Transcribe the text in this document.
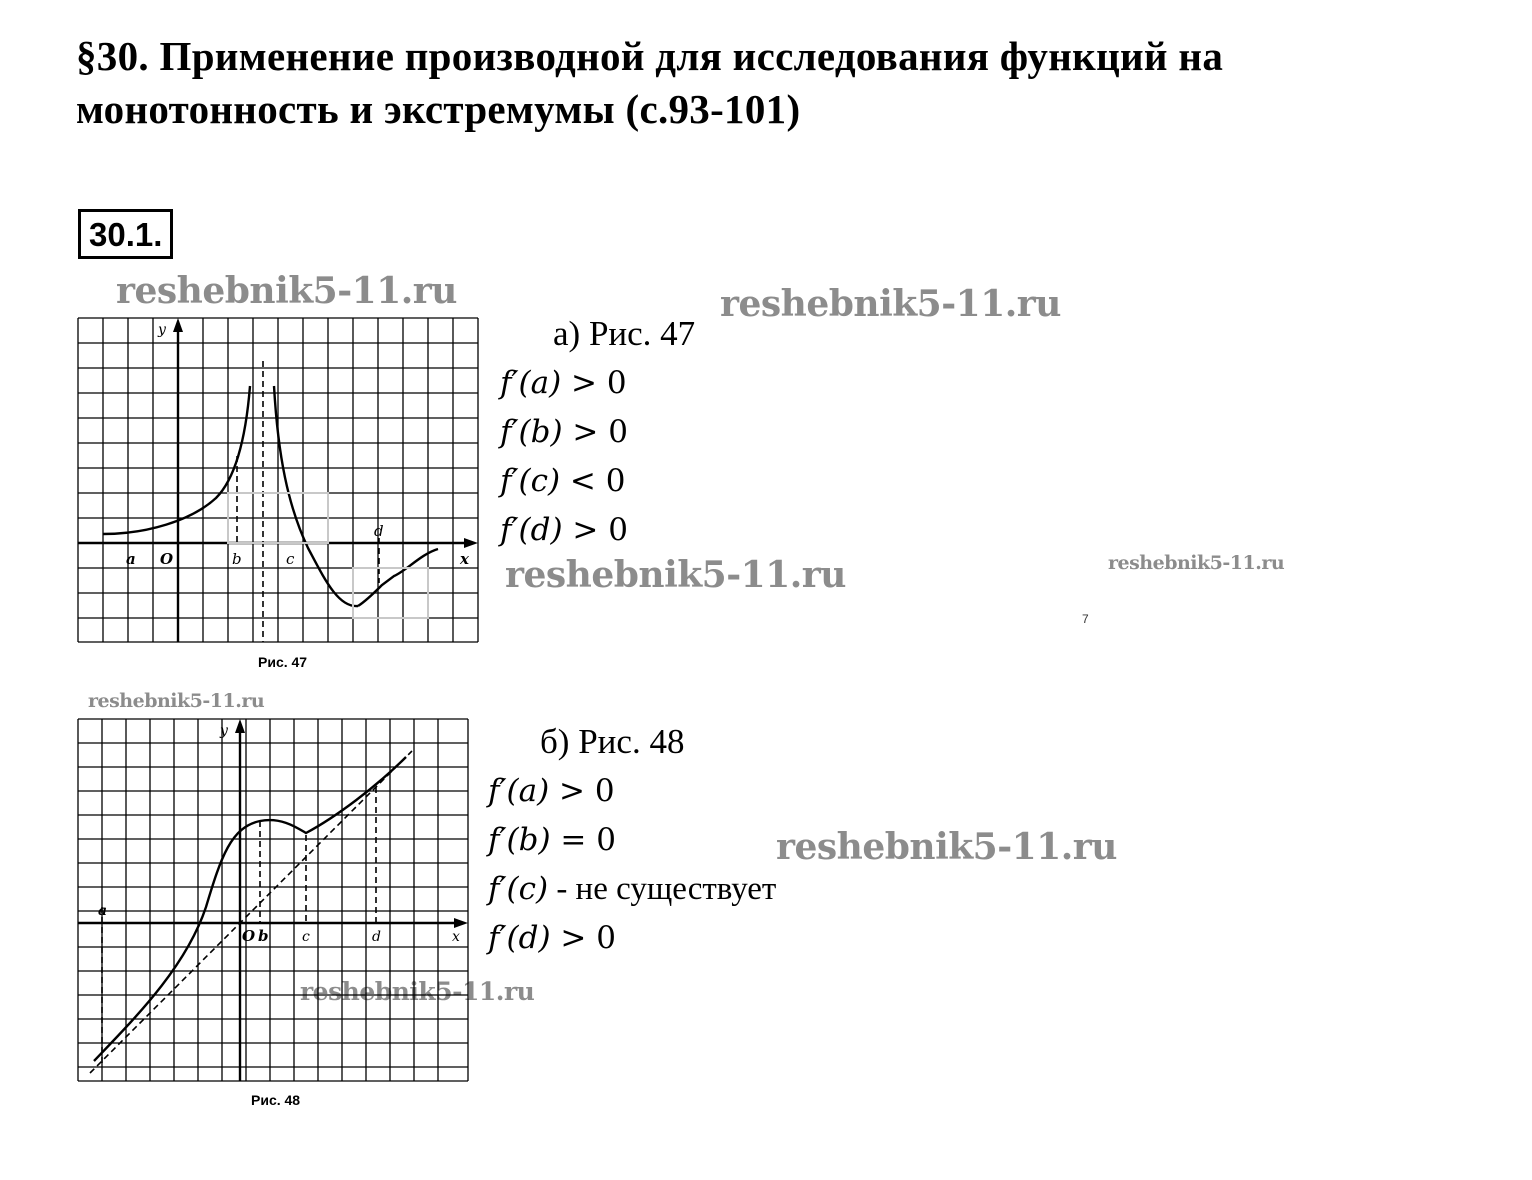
§30. Применение производной для исследования функций на
монотонность и экстремумы (с.93-101)
30.1.
reshebnik5-11.ru	reshebnik5-11.ru
reshebnik5-11.ru	reshebnik5-11.ru
reshebnik5-11.ru
reshebnik5-11.ru
reshebnik5-11.ru
а) Рис. 47
f′(a) > 0
f′(b) > 0
f′(c) < 0
f′(d) > 0
б) Рис. 48
f′(a) > 0
f′(b) = 0
f′(c) - не существует
f′(d) > 0
7
y
x
O
a	b	c
d
Рис. 47
y
x
O
a
b c	d
Рис. 48
